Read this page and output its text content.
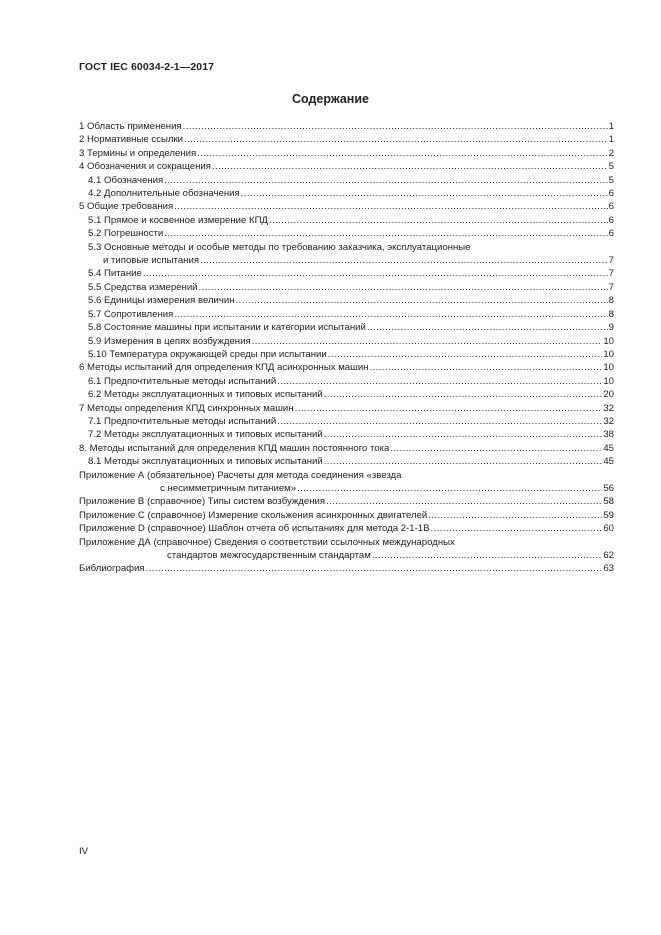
ГОСТ IEC 60034-2-1—2017
Содержание
1 Область применения .....	1
2 Нормативные ссылки .....	1
3 Термины и определения .....	2
4 Обозначения и сокращения .....	5
4.1 Обозначения .....	5
4.2 Дополнительные обозначения .....	6
5 Общие требования .....	6
5.1 Прямое и косвенное измерение КПД .....	6
5.2 Погрешности .....	6
5.3 Основные методы и особые методы по требованию заказчика, эксплуатационные
и типовые испытания .....	7
5.4 Питание .....	7
5.5 Средства измерений .....	7
5.6 Единицы измерения величин .....	8
5.7 Сопротивления .....	8
5.8 Состояние машины при испытании и категории испытаний .....	9
5.9 Измерения в цепях возбуждения .....	10
5.10 Температура окружающей среды при испытании .....	10
6 Методы испытаний для определения КПД асинхронных машин .....	10
6.1 Предпочтительные методы испытаний .....	10
6.2 Методы эксплуатационных и типовых испытаний .....	20
7 Методы определения КПД синхронных машин .....	32
7.1 Предпочтительные методы испытаний .....	32
7.2 Методы эксплуатационных и типовых испытаний .....	38
8. Методы испытаний для определения КПД машин постоянного тока .....	45
8.1 Методы эксплуатационных и типовых испытаний .....	45
Приложение А (обязательное) Расчеты для метода соединения «звезда
с несимметричным питанием» .....	56
Приложение В (справочное) Типы систем возбуждения .....	58
Приложение С (справочное) Измерение скольжения асинхронных двигателей .....	59
Приложение D (справочное) Шаблон отчета об испытаниях для метода 2-1-1В .....	60
Приложение ДА (справочное) Сведения о соответствии ссылочных международных
стандартов межгосударственным стандартам .....	62
Библиография .....	63
IV
